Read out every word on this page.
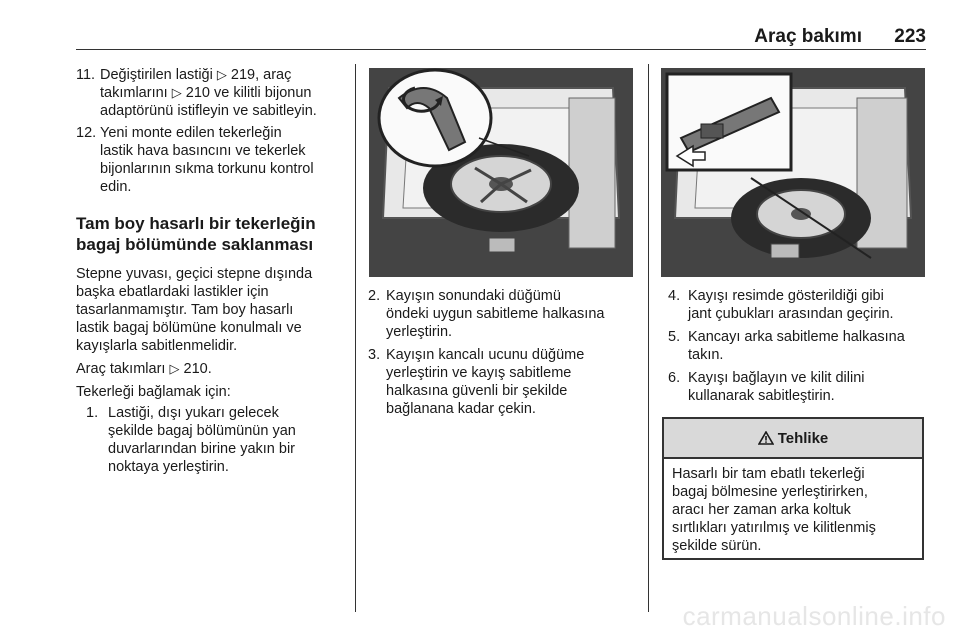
Araç bakımı 223
11. Değiştirilen lastiği ▷ 219, araç
takımlarını ▷ 210 ve kilitli bijonun
adaptörünü istifleyin ve sabitleyin.
12. Yeni monte edilen tekerleğin
lastik hava basıncını ve tekerlek
bijonlarının sıkma torkunu kontrol
edin.
Tam boy hasarlı bir tekerleğin
bagaj bölümünde saklanması
Stepne yuvası, geçici stepne dışında
başka ebatlardaki lastikler için
tasarlanmamıştır. Tam boy hasarlı
lastik bagaj bölümüne konulmalı ve
kayışlarla sabitlenmelidir.
Araç takımları ▷ 210.
Tekerleği bağlamak için:
1. Lastiği, dışı yukarı gelecek
şekilde bagaj bölümünün yan
duvarlarından birine yakın bir
noktaya yerleştirin.
2. Kayışın sonundaki düğümü
öndeki uygun sabitleme halkasına
yerleştirin.
3. Kayışın kancalı ucunu düğüme
yerleştirin ve kayış sabitleme
halkasına güvenli bir şekilde
bağlanana kadar çekin.
4. Kayışı resimde gösterildiği gibi
jant çubukları arasından geçirin.
5. Kancayı arka sabitleme halkasına
takın.
6. Kayışı bağlayın ve kilit dilini
kullanarak sabitleştirin.
Tehlike
Hasarlı bir tam ebatlı tekerleği
bagaj bölmesine yerleştirirken,
aracı her zaman arka koltuk
sırtlıkları yatırılmış ve kilitlenmiş
şekilde sürün.
carmanualsonline.info
